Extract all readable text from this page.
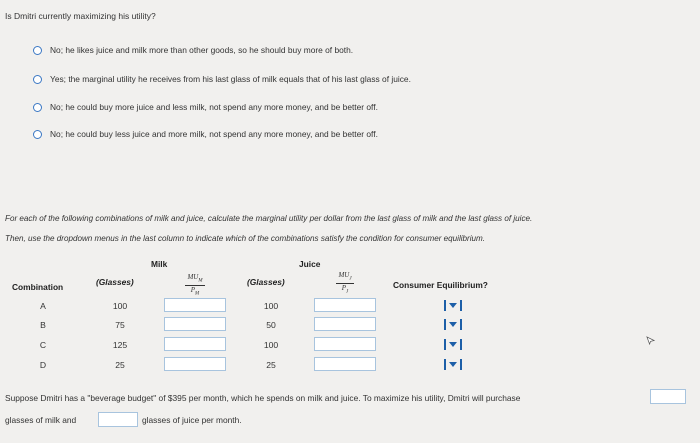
Is Dmitri currently maximizing his utility?
No; he likes juice and milk more than other goods, so he should buy more of both.
Yes; the marginal utility he receives from his last glass of milk equals that of his last glass of juice.
No; he could buy more juice and less milk, not spend any more money, and be better off.
No; he could buy less juice and more milk, not spend any more money, and be better off.
For each of the following combinations of milk and juice, calculate the marginal utility per dollar from the last glass of milk and the last glass of juice.
Then, use the dropdown menus in the last column to indicate which of the combinations satisfy the condition for consumer equilibrium.
Milk	Juice
Combination	(Glasses)	(Glasses)	Consumer Equilibrium?
$MU_M$
$P_M$
$MU_J$
$P_J$
A	100	100
B	75	50
C	125	100
D	25	25
Suppose Dmitri has a "beverage budget" of $395 per month, which he spends on milk and juice. To maximize his utility, Dmitri will purchase
glasses of milk and	glasses of juice per month.
